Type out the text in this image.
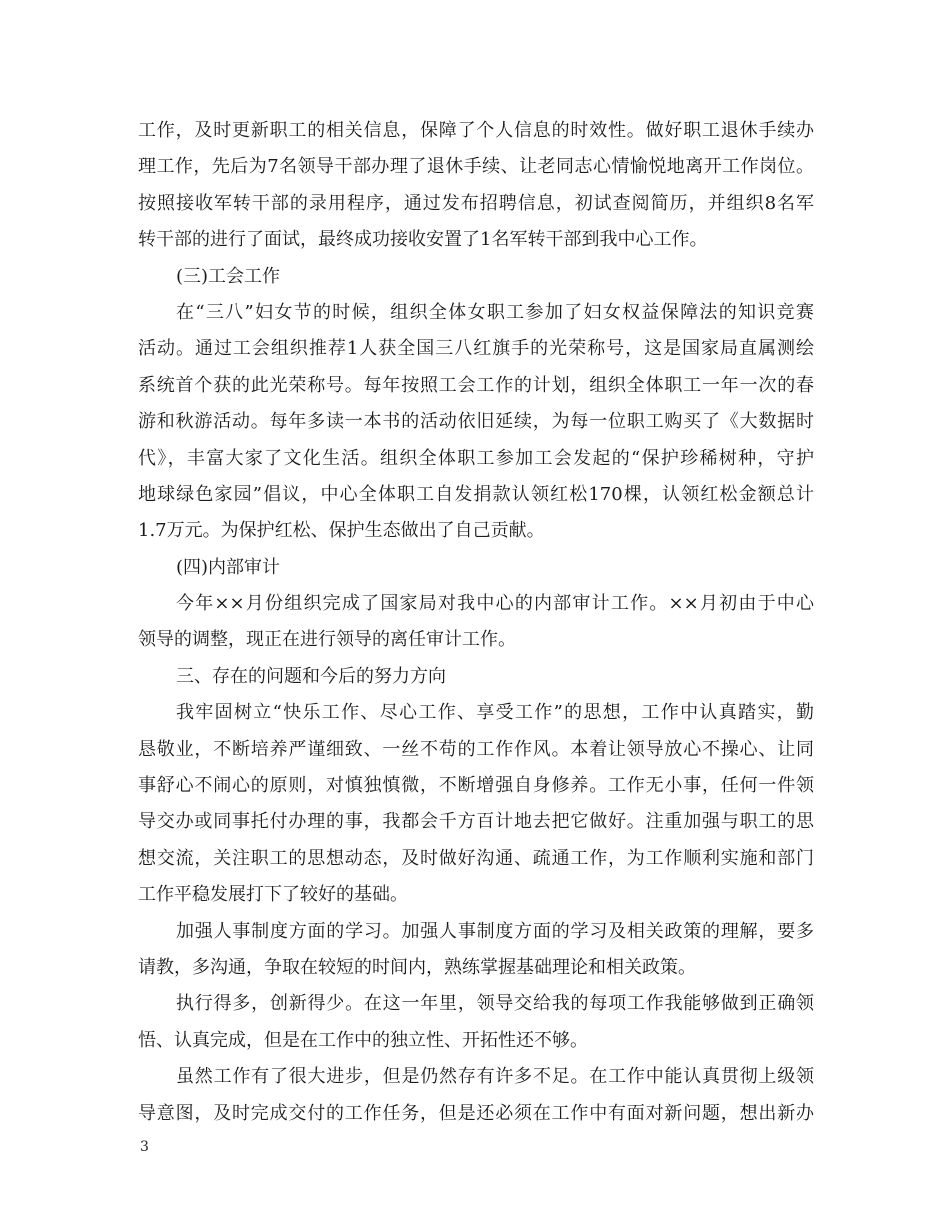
工作，及时更新职工的相关信息，保障了个人信息的时效性。做好职工退休手续办
理工作，先后为7名领导干部办理了退休手续、让老同志心情愉悦地离开工作岗位。
按照接收军转干部的录用程序，通过发布招聘信息，初试查阅简历，并组织8名军
转干部的进行了面试，最终成功接收安置了1名军转干部到我中心工作。
(三)工会工作
在“三八”妇女节的时候，组织全体女职工参加了妇女权益保障法的知识竞赛
活动。通过工会组织推荐1人获全国三八红旗手的光荣称号，这是国家局直属测绘
系统首个获的此光荣称号。每年按照工会工作的计划，组织全体职工一年一次的春
游和秋游活动。每年多读一本书的活动依旧延续，为每一位职工购买了《大数据时
代》，丰富大家了文化生活。组织全体职工参加工会发起的“保护珍稀树种，守护
地球绿色家园”倡议，中心全体职工自发捐款认领红松170棵，认领红松金额总计
1.7万元。为保护红松、保护生态做出了自己贡献。
(四)内部审计
今年××月份组织完成了国家局对我中心的内部审计工作。××月初由于中心
领导的调整，现正在进行领导的离任审计工作。
三、存在的问题和今后的努力方向
我牢固树立“快乐工作、尽心工作、享受工作”的思想，工作中认真踏实，勤
恳敬业，不断培养严谨细致、一丝不苟的工作作风。本着让领导放心不操心、让同
事舒心不闹心的原则，对慎独慎微，不断增强自身修养。工作无小事，任何一件领
导交办或同事托付办理的事，我都会千方百计地去把它做好。注重加强与职工的思
想交流，关注职工的思想动态，及时做好沟通、疏通工作，为工作顺利实施和部门
工作平稳发展打下了较好的基础。
加强人事制度方面的学习。加强人事制度方面的学习及相关政策的理解，要多
请教，多沟通，争取在较短的时间内，熟练掌握基础理论和相关政策。
执行得多，创新得少。在这一年里，领导交给我的每项工作我能够做到正确领
悟、认真完成，但是在工作中的独立性、开拓性还不够。
虽然工作有了很大进步，但是仍然存有许多不足。在工作中能认真贯彻上级领
导意图，及时完成交付的工作任务，但是还必须在工作中有面对新问题，想出新办
3
